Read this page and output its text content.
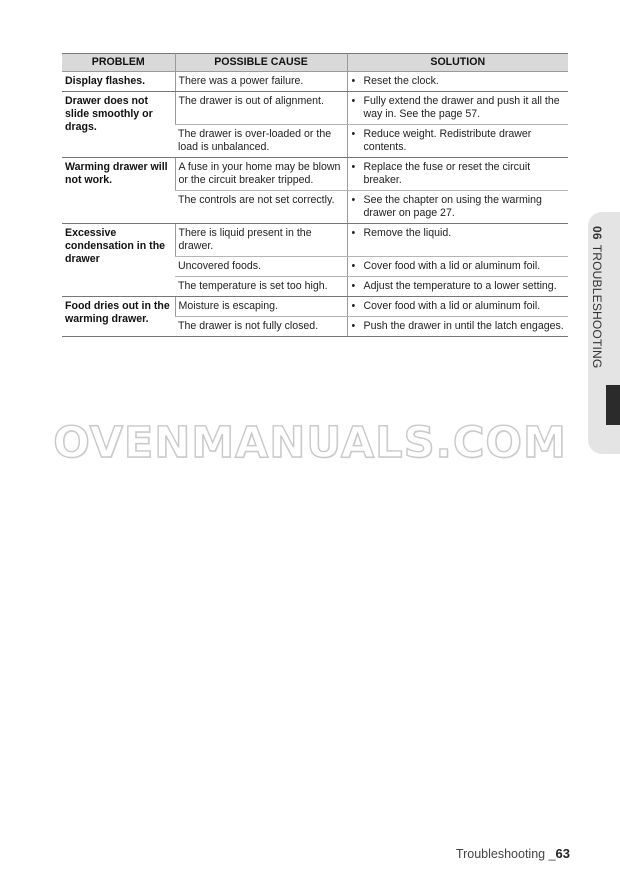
PROBLEM	POSSIBLE CAUSE	SOLUTION
Display flashes.	There was a power failure.	• Reset the clock.

Drawer does not slide smoothly or drags.	The drawer is out of alignment.	• Fully extend the drawer and push it all the way in. See the page 57.

	The drawer is over-loaded or the load is unbalanced.	• Reduce weight. Redistribute drawer contents.

Warming drawer will not work.	A fuse in your home may be blown or the circuit breaker tripped.	• Replace the fuse or reset the circuit breaker.

	The controls are not set correctly.	• See the chapter on using the warming drawer on page 27.

Excessive condensation in the drawer	There is liquid present in the drawer.	• Remove the liquid.

	Uncovered foods.	• Cover food with a lid or aluminum foil.

	The temperature is set too high.	• Adjust the temperature to a lower setting.

Food dries out in the warming drawer.	Moisture is escaping.	• Cover food with a lid or aluminum foil.

	The drawer is not fully closed.	• Push the drawer in until the latch engages.
OVENMANUALS.COM
06TROUBLESHOOTING
Troubleshooting _63
